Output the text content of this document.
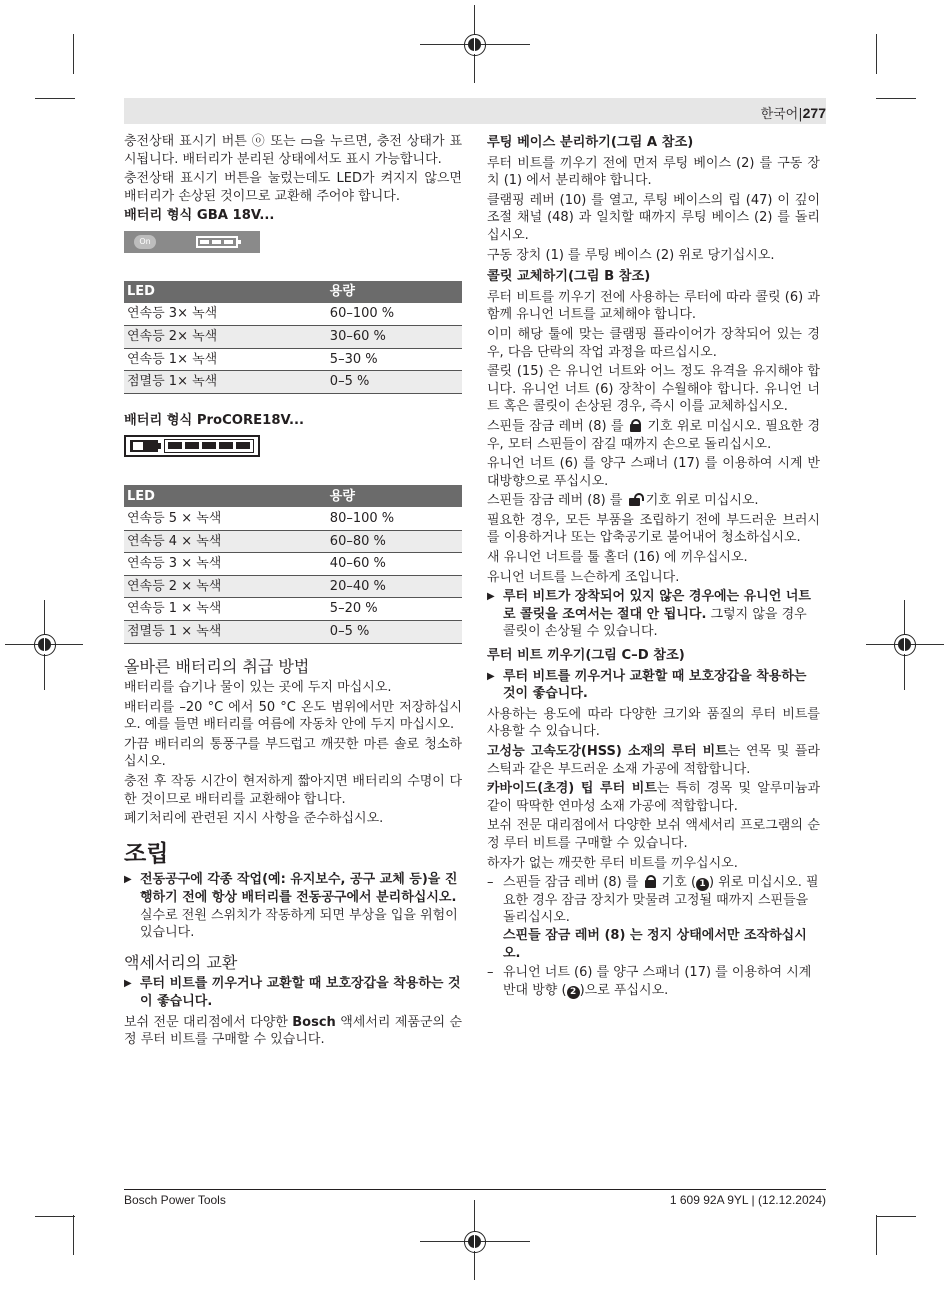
한국어|277

충전상태 표시기 버튼 ⓞ 또는 ▭을 누르면, 충전 상태가 표시됩니다. 배터리가 분리된 상태에서도 표시 가능합니다.

충전상태 표시기 버튼을 눌렀는데도 LED가 켜지지 않으면 배터리가 손상된 것이므로 교환해 주어야 합니다.

배터리 형식 GBA 18V...
On
LED	용량
연속등 3× 녹색	60–100 %
연속등 2× 녹색	30–60 %
연속등 1× 녹색	5–30 %
점멸등 1× 녹색	0–5 %
배터리 형식 ProCORE18V...
LED	용량
연속등 5 × 녹색	80–100 %
연속등 4 × 녹색	60–80 %
연속등 3 × 녹색	40–60 %
연속등 2 × 녹색	20–40 %
연속등 1 × 녹색	5–20 %
점멸등 1 × 녹색	0–5 %
올바른 배터리의 취급 방법

배터리를 습기나 물이 있는 곳에 두지 마십시오.

배터리를 –20 °C 에서 50 °C 온도 범위에서만 저장하십시오. 예를 들면 배터리를 여름에 자동차 안에 두지 마십시오.

가끔 배터리의 통풍구를 부드럽고 깨끗한 마른 솔로 청소하십시오.

충전 후 작동 시간이 현저하게 짧아지면 배터리의 수명이 다한 것이므로 배터리를 교환해야 합니다.

폐기처리에 관련된 지시 사항을 준수하십시오.

조립
▶ 전동공구에 각종 작업(예: 유지보수, 공구 교체 등)을 진행하기 전에 항상 배터리를 전동공구에서 분리하십시오. 실수로 전원 스위치가 작동하게 되면 부상을 입을 위험이 있습니다.
액세서리의 교환
▶ 루터 비트를 끼우거나 교환할 때 보호장갑을 착용하는 것이 좋습니다.

보쉬 전문 대리점에서 다양한 Bosch 액세서리 제품군의 순정 루터 비트를 구매할 수 있습니다.

루팅 베이스 분리하기(그림 A 참조)

루터 비트를 끼우기 전에 먼저 루팅 베이스 (2) 를 구동 장치 (1) 에서 분리해야 합니다.

클램핑 레버 (10) 를 열고, 루팅 베이스의 립 (47) 이 깊이 조절 채널 (48) 과 일치할 때까지 루팅 베이스 (2) 를 돌리십시오.

구동 장치 (1) 를 루팅 베이스 (2) 위로 당기십시오.

콜릿 교체하기(그림 B 참조)

루터 비트를 끼우기 전에 사용하는 루터에 따라 콜릿 (6) 과 함께 유니언 너트를 교체해야 합니다.

이미 해당 툴에 맞는 클램핑 플라이어가 장착되어 있는 경우, 다음 단락의 작업 과정을 따르십시오.

콜릿 (15) 은 유니언 너트와 어느 정도 유격을 유지해야 합니다. 유니언 너트 (6) 장착이 수월해야 합니다. 유니언 너트 혹은 콜릿이 손상된 경우, 즉시 이를 교체하십시오.

스핀들 잠금 레버 (8) 를 기호 위로 미십시오. 필요한 경우, 모터 스핀들이 잠길 때까지 손으로 돌리십시오.

유니언 너트 (6) 를 양구 스패너 (17) 를 이용하여 시계 반대방향으로 푸십시오.

스핀들 잠금 레버 (8) 를 기호 위로 미십시오.

필요한 경우, 모든 부품을 조립하기 전에 부드러운 브러시를 이용하거나 또는 압축공기로 불어내어 청소하십시오.

새 유니언 너트를 툴 홀더 (16) 에 끼우십시오.

유니언 너트를 느슨하게 조입니다.

▶ 루터 비트가 장착되어 있지 않은 경우에는 유니언 너트로 콜릿을 조여서는 절대 안 됩니다. 그렇지 않을 경우 콜릿이 손상될 수 있습니다.
루터 비트 끼우기(그림 C–D 참조)
▶ 루터 비트를 끼우거나 교환할 때 보호장갑을 착용하는 것이 좋습니다.

사용하는 용도에 따라 다양한 크기와 품질의 루터 비트를 사용할 수 있습니다.

고성능 고속도강(HSS) 소재의 루터 비트는 연목 및 플라스틱과 같은 부드러운 소재 가공에 적합합니다.

카바이드(초경) 팁 루터 비트는 특히 경목 및 알루미늄과 같이 딱딱한 연마성 소재 가공에 적합합니다.

보쉬 전문 대리점에서 다양한 보쉬 액세서리 프로그램의 순정 루터 비트를 구매할 수 있습니다.

하자가 없는 깨끗한 루터 비트를 끼우십시오.

– 스핀들 잠금 레버 (8) 를 기호 ( 1 ) 위로 미십시오. 필요한 경우 잠금 장치가 맞물려 고정될 때까지 스핀들을 돌리십시오.
스핀들 잠금 레버 (8) 는 정지 상태에서만 조작하십시오.
– 유니언 너트 (6) 를 양구 스패너 (17) 를 이용하여 시계 반대 방향 ( 2 )으로 푸십시오.
Bosch Power Tools	1 609 92A 9YL | (12.12.2024)
